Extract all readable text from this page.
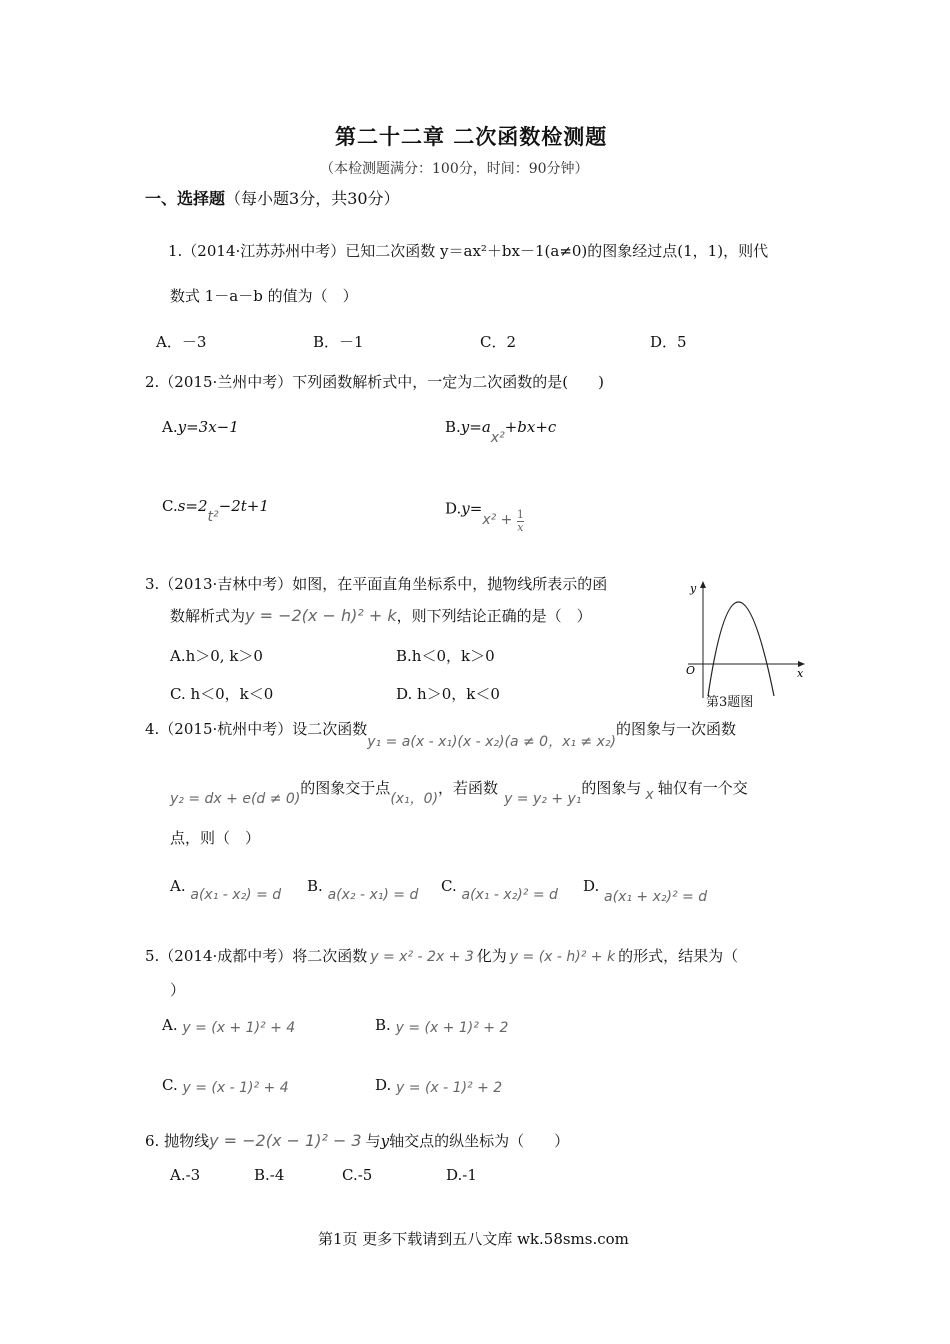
第二十二章 二次函数检测题
（本检测题满分：100分，时间：90分钟）
一、选择题（每小题3分，共30分）
1.（2014·江苏苏州中考）已知二次函数 y＝ax²＋bx－1(a≠0)的图象经过点(1，1)，则代
数式 1－a－b 的值为（　）
A．－3	B．－1	C．2	D．5
2.（2015·兰州中考）下列函数解析式中，一定为二次函数的是(　　)
A.y=3x−1	B.y=ax²+bx+c
C.s=2t²−2t+1	$D.y=x^2 + \frac{1}{x}$
3.（2013·吉林中考）如图，在平面直角坐标系中，抛物线所表示的函
数解析式为y = −2(x − h)² + k，则下列结论正确的是（　）
A.h＞0, k＞0	B.h＜0，k＞0
C. h＜0，k＜0	D. h＞0，k＜0
y
x
O
第3题图
4.（2015·杭州中考）设二次函数y₁ = a(x - x₁)(x - x₂)(a ≠ 0，x₁ ≠ x₂)的图象与一次函数
y₂ = dx + e(d ≠ 0)的图象交于点(x₁，0)，若函数y = y₂ + y₁的图象与 x 轴仅有一个交
点，则（　）
A. a(x₁ - x₂) = d B. a(x₂ - x₁) = d C. a(x₁ - x₂)² = d D. a(x₁ + x₂)² = d
5.（2014·成都中考）将二次函数 y = x² - 2x + 3 化为 y = (x - h)² + k 的形式，结果为（
）
A. y = (x + 1)² + 4	B. y = (x + 1)² + 2
C. y = (x - 1)² + 4	D. y = (x - 1)² + 2
6. 抛物线y = −2(x − 1)² − 3 与y轴交点的纵坐标为（　　）
A.-3	B.-4	C.-5	D.-1
第1页 更多下载请到五八文库 wk.58sms.com
